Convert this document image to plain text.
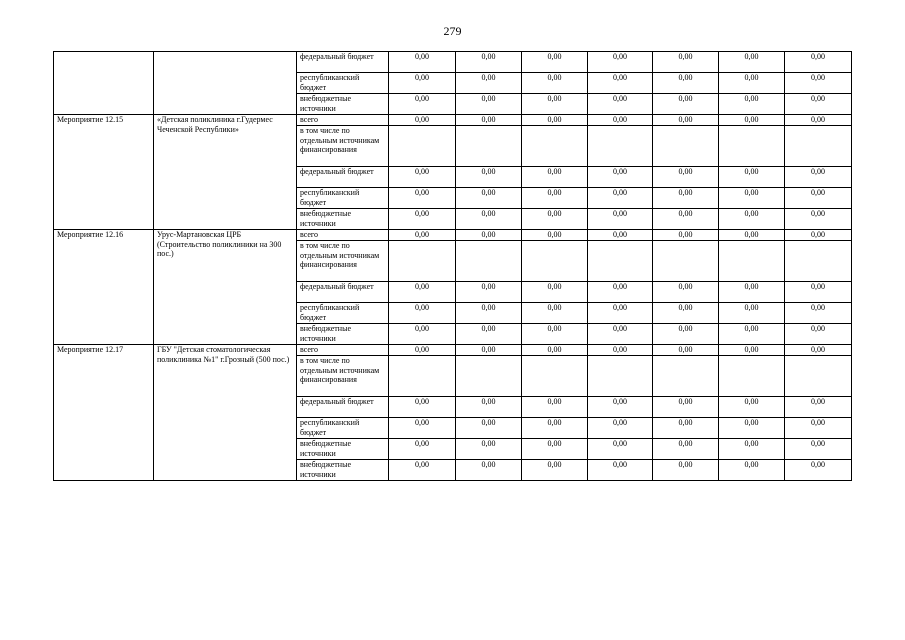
279
		федеральный бюджет	0,00	0,00	0,00	0,00	0,00	0,00	0,00
		республиканский бюджет	0,00	0,00	0,00	0,00	0,00	0,00	0,00
		внебюджетные источники	0,00	0,00	0,00	0,00	0,00	0,00	0,00
Мероприятие 12.15	«Детская поликлиника г.Гудермес Чеченской Республики»	всего	0,00	0,00	0,00	0,00	0,00	0,00	0,00
		в том числе по отдельным источникам финансирования							
		федеральный бюджет	0,00	0,00	0,00	0,00	0,00	0,00	0,00
		республиканский бюджет	0,00	0,00	0,00	0,00	0,00	0,00	0,00
		внебюджетные источники	0,00	0,00	0,00	0,00	0,00	0,00	0,00
Мероприятие 12.16	Урус-Мартановская ЦРБ (Строительство поликлиники на 300 пос.)	всего	0,00	0,00	0,00	0,00	0,00	0,00	0,00
		в том числе по отдельным источникам финансирования							
		федеральный бюджет	0,00	0,00	0,00	0,00	0,00	0,00	0,00
		республиканский бюджет	0,00	0,00	0,00	0,00	0,00	0,00	0,00
		внебюджетные источники	0,00	0,00	0,00	0,00	0,00	0,00	0,00
Мероприятие 12.17	ГБУ "Детская стоматологическая поликлиника №1" г.Грозный (500 пос.)	всего	0,00	0,00	0,00	0,00	0,00	0,00	0,00
		в том числе по отдельным источникам финансирования							
		федеральный бюджет	0,00	0,00	0,00	0,00	0,00	0,00	0,00
		республиканский бюджет	0,00	0,00	0,00	0,00	0,00	0,00	0,00
		внебюджетные источники	0,00	0,00	0,00	0,00	0,00	0,00	0,00
		внебюджетные источники	0,00	0,00	0,00	0,00	0,00	0,00	0,00
